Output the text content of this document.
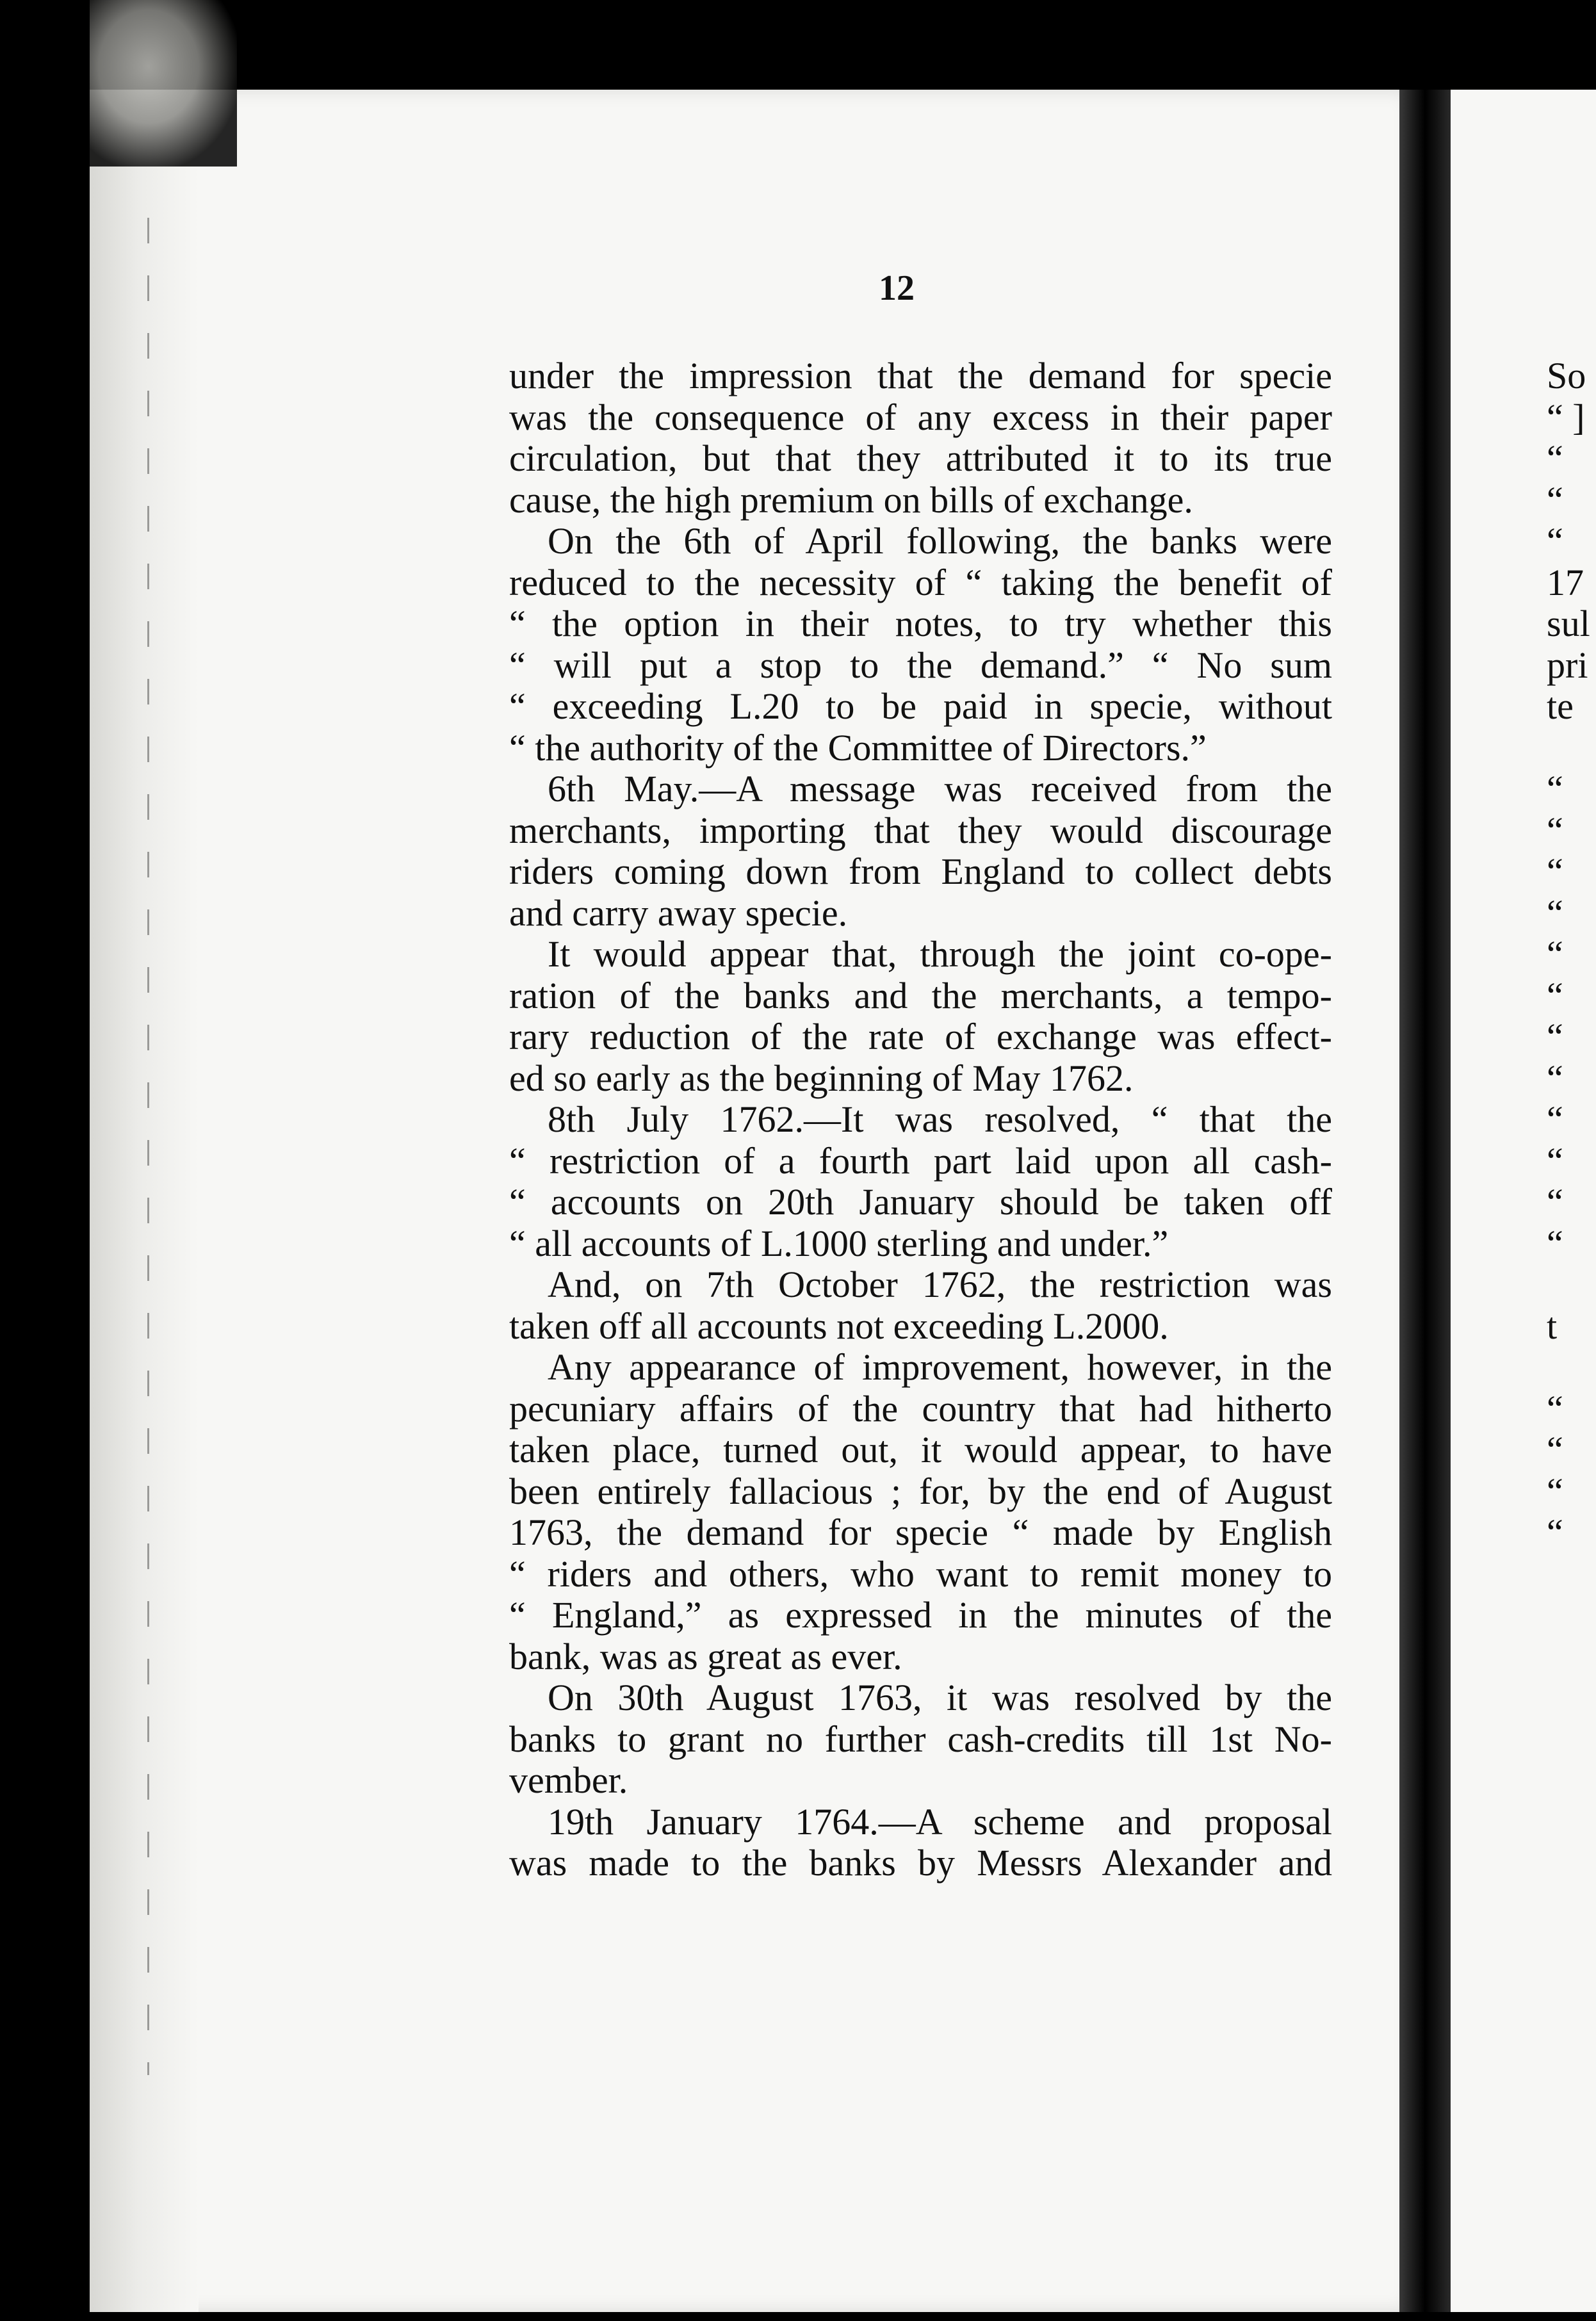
12
under the impression that the demand for specie
was the consequence of any excess in their paper
circulation, but that they attributed it to its true
cause, the high premium on bills of exchange.
On the 6th of April following, the banks were
reduced to the necessity of “ taking the benefit of
“ the option in their notes, to try whether this
“ will put a stop to the demand.” “ No sum
“ exceeding L.20 to be paid in specie, without
“ the authority of the Committee of Directors.”
6th May.—A message was received from the
merchants, importing that they would discourage
riders coming down from England to collect debts
and carry away specie.
It would appear that, through the joint co-ope-
ration of the banks and the merchants, a tempo-
rary reduction of the rate of exchange was effect-
ed so early as the beginning of May 1762.
8th July 1762.—It was resolved, “ that the
“ restriction of a fourth part laid upon all cash-
“ accounts on 20th January should be taken off
“ all accounts of L.1000 sterling and under.”
And, on 7th October 1762, the restriction was
taken off all accounts not exceeding L.2000.
Any appearance of improvement, however, in the
pecuniary affairs of the country that had hitherto
taken place, turned out, it would appear, to have
been entirely fallacious ; for, by the end of August
1763, the demand for specie “ made by English
“ riders and others, who want to remit money to
“ England,” as expressed in the minutes of the
bank, was as great as ever.
On 30th August 1763, it was resolved by the
banks to grant no further cash-credits till 1st No-
vember.
19th January 1764.—A scheme and proposal
was made to the banks by Messrs Alexander and
So
“ ]
“
“
“
17
sul
pri
te
“
“
“
“
“
“
“
“
“
“
“
“
t
“
“
“
“
